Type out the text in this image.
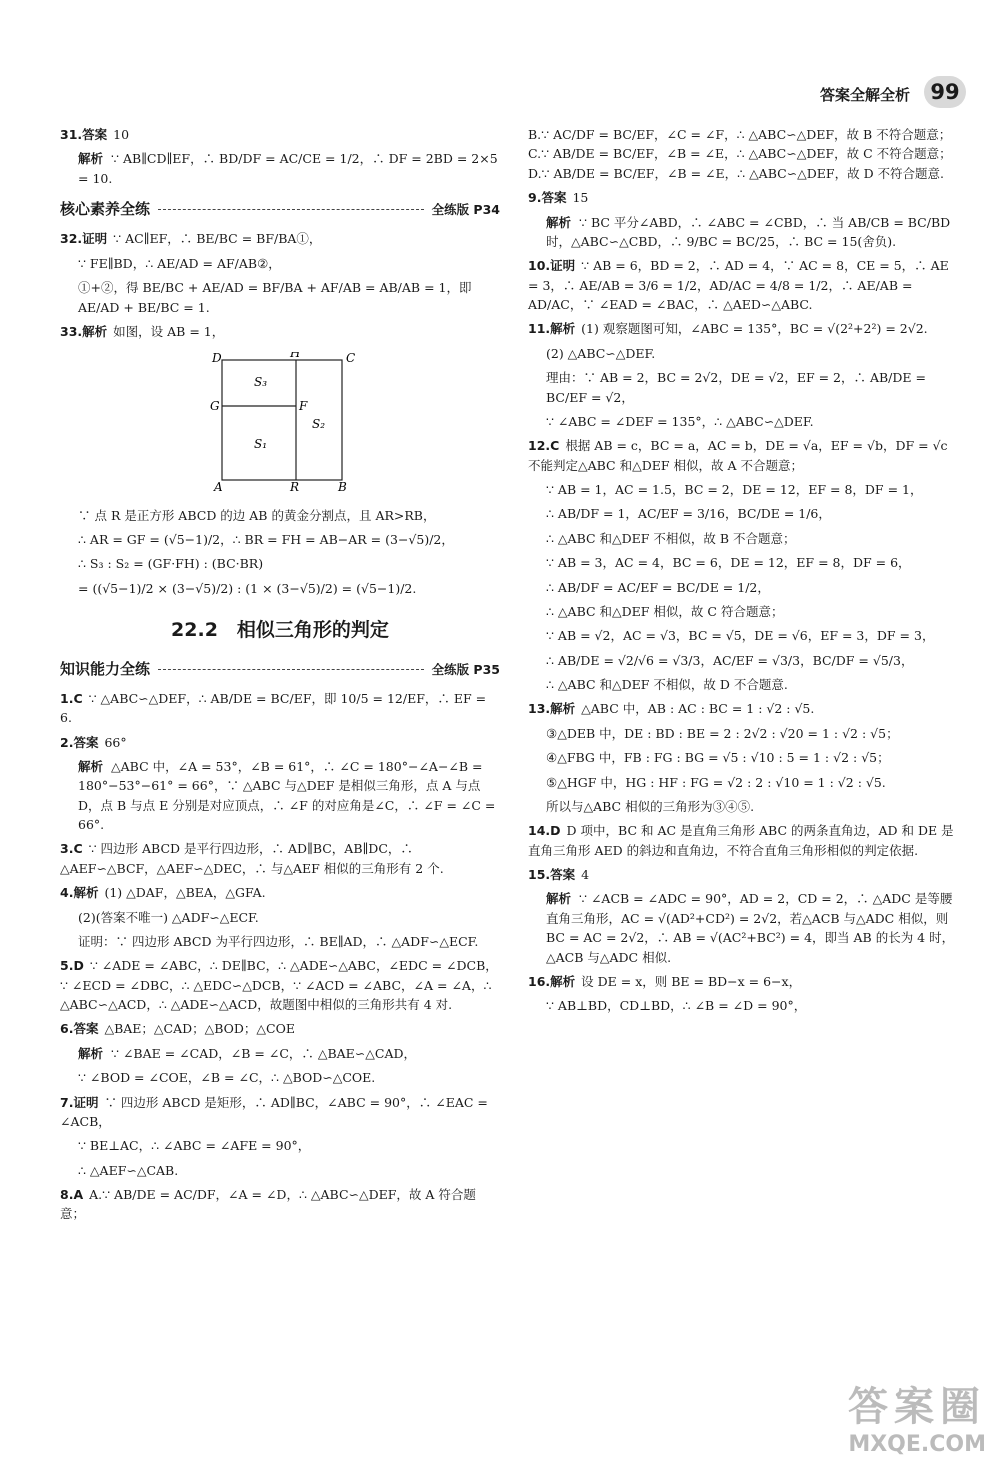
答案全解全析 99

31.答案 10

解析 ∵ AB∥CD∥EF，∴ BD/DF = AC/CE = 1/2，∴ DF = 2BD = 2×5 = 10.

核心素养全练	全练版 P34

32.证明 ∵ AC∥EF，∴ BE/BC = BF/BA①，

∵ FE∥BD，∴ AE/AD = AF/AB②，

①+②，得 BE/BC + AE/AD = BF/BA + AF/AB = AB/AB = 1，即 AE/AD + BE/BC = 1.

33.解析 如图，设 AB = 1，

D	H	C
G	F
A	R	B
S₃
S₁
S₂

∵ 点 R 是正方形 ABCD 的边 AB 的黄金分割点，且 AR>RB，

∴ AR = GF = (√5−1)/2，∴ BR = FH = AB−AR = (3−√5)/2，

∴ S₃ : S₂ = (GF·FH) : (BC·BR)

= ((√5−1)/2 × (3−√5)/2) : (1 × (3−√5)/2) = (√5−1)/2.

22.2　相似三角形的判定
知识能力全练	全练版 P35

1.C ∵ △ABC∽△DEF，∴ AB/DE = BC/EF，即 10/5 = 12/EF，∴ EF = 6.

2.答案 66°

解析 △ABC 中，∠A = 53°，∠B = 61°，∴ ∠C = 180°−∠A−∠B = 180°−53°−61° = 66°，∵ △ABC 与△DEF 是相似三角形，点 A 与点 D，点 B 与点 E 分别是对应顶点，∴ ∠F 的对应角是∠C，∴ ∠F = ∠C = 66°.

3.C ∵ 四边形 ABCD 是平行四边形，∴ AD∥BC，AB∥DC，∴ △AEF∽△BCF，△AEF∽△DEC，∴ 与△AEF 相似的三角形有 2 个.

4.解析 (1) △DAF，△BEA，△GFA.

(2)(答案不唯一) △ADF∽△ECF.

证明：∵ 四边形 ABCD 为平行四边形，∴ BE∥AD，∴ △ADF∽△ECF.

5.D ∵ ∠ADE = ∠ABC，∴ DE∥BC，∴ △ADE∽△ABC，∠EDC = ∠DCB，∵ ∠ECD = ∠DBC，∴ △EDC∽△DCB，∵ ∠ACD = ∠ABC，∠A = ∠A，∴ △ABC∽△ACD，∴ △ADE∽△ACD，故题图中相似的三角形共有 4 对.

6.答案 △BAE；△CAD；△BOD；△COE

解析 ∵ ∠BAE = ∠CAD，∠B = ∠C，∴ △BAE∽△CAD，

∵ ∠BOD = ∠COE，∠B = ∠C，∴ △BOD∽△COE.

7.证明 ∵ 四边形 ABCD 是矩形，∴ AD∥BC，∠ABC = 90°，∴ ∠EAC = ∠ACB，

∵ BE⊥AC，∴ ∠ABC = ∠AFE = 90°，

∴ △AEF∽△CAB.

8.A A.∵ AB/DE = AC/DF，∠A = ∠D，∴ △ABC∽△DEF，故 A 符合题意；

B.∵ AC/DF = BC/EF，∠C = ∠F，∴ △ABC∽△DEF，故 B 不符合题意；C.∵ AB/DE = BC/EF，∠B = ∠E，∴ △ABC∽△DEF，故 C 不符合题意；D.∵ AB/DE = BC/EF，∠B = ∠E，∴ △ABC∽△DEF，故 D 不符合题意.

9.答案 15

解析 ∵ BC 平分∠ABD，∴ ∠ABC = ∠CBD，∴ 当 AB/CB = BC/BD 时，△ABC∽△CBD，∴ 9/BC = BC/25，∴ BC = 15(舍负).

10.证明 ∵ AB = 6，BD = 2，∴ AD = 4，∵ AC = 8，CE = 5，∴ AE = 3，∴ AE/AB = 3/6 = 1/2，AD/AC = 4/8 = 1/2，∴ AE/AB = AD/AC，∵ ∠EAD = ∠BAC，∴ △AED∽△ABC.

11.解析 (1) 观察题图可知，∠ABC = 135°，BC = √(2²+2²) = 2√2.

(2) △ABC∽△DEF.

理由：∵ AB = 2，BC = 2√2，DE = √2，EF = 2，∴ AB/DE = BC/EF = √2，

∵ ∠ABC = ∠DEF = 135°，∴ △ABC∽△DEF.

12.C 根据 AB = c，BC = a，AC = b，DE = √a，EF = √b，DF = √c 不能判定△ABC 和△DEF 相似，故 A 不合题意；

∵ AB = 1，AC = 1.5，BC = 2，DE = 12，EF = 8，DF = 1，

∴ AB/DF = 1，AC/EF = 3/16，BC/DE = 1/6，

∴ △ABC 和△DEF 不相似，故 B 不合题意；

∵ AB = 3，AC = 4，BC = 6，DE = 12，EF = 8，DF = 6，

∴ AB/DF = AC/EF = BC/DE = 1/2，

∴ △ABC 和△DEF 相似，故 C 符合题意；

∵ AB = √2，AC = √3，BC = √5，DE = √6，EF = 3，DF = 3，

∴ AB/DE = √2/√6 = √3/3，AC/EF = √3/3，BC/DF = √5/3，

∴ △ABC 和△DEF 不相似，故 D 不合题意.

13.解析 △ABC 中，AB : AC : BC = 1 : √2 : √5.

③△DEB 中，DE : BD : BE = 2 : 2√2 : √20 = 1 : √2 : √5；

④△FBG 中，FB : FG : BG = √5 : √10 : 5 = 1 : √2 : √5；

⑤△HGF 中，HG : HF : FG = √2 : 2 : √10 = 1 : √2 : √5.

所以与△ABC 相似的三角形为③④⑤.

14.D D 项中，BC 和 AC 是直角三角形 ABC 的两条直角边，AD 和 DE 是直角三角形 AED 的斜边和直角边，不符合直角三角形相似的判定依据.

15.答案 4

解析 ∵ ∠ACB = ∠ADC = 90°，AD = 2，CD = 2，∴ △ADC 是等腰直角三角形，AC = √(AD²+CD²) = 2√2，若△ACB 与△ADC 相似，则 BC = AC = 2√2，∴ AB = √(AC²+BC²) = 4，即当 AB 的长为 4 时，△ACB 与△ADC 相似.

16.解析 设 DE = x，则 BE = BD−x = 6−x，

∵ AB⊥BD，CD⊥BD，∴ ∠B = ∠D = 90°，

答案圈
MXQE.COM
